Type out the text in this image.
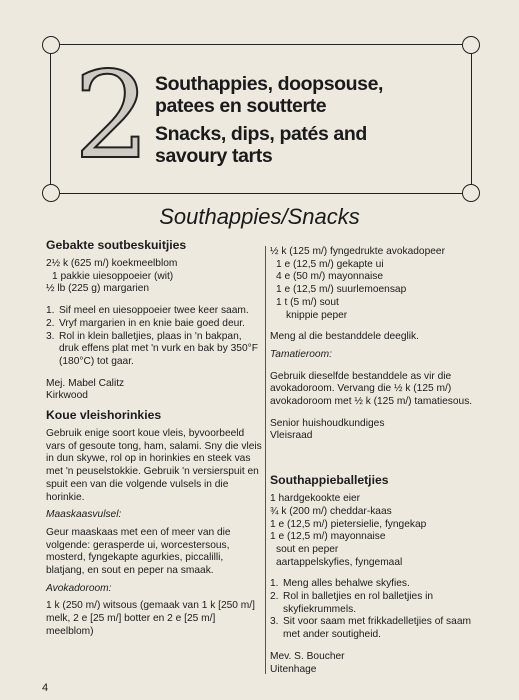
2 Southappies, doopsouse,
patees en soutterte
Snacks, dips, patés and
savoury tarts
Southappies/Snacks
Gebakte soutbeskuitjies
2½ k (625 m/) koekmeelblom
1 pakkie uiesoppoeier (wit)
½ lb (225 g) margarien
1. Sif meel en uiesoppoeier twee keer saam.
2. Vryf margarien in en knie baie goed deur.
3. Rol in klein balletjies, plaas in 'n bakpan, druk effens plat met 'n vurk en bak by 350°F (180°C) tot gaar.
Mej. Mabel Calitz
Kirkwood
Koue vleishorinkies
Gebruik enige soort koue vleis, byvoorbeeld vars of gesoute tong, ham, salami. Sny die vleis in dun skywe, rol op in horinkies en steek vas met 'n peuselstokkie. Gebruik 'n versierspuit en spuit een van die volgende vulsels in die horinkie.
Maaskaasvulsel:
Geur maaskaas met een of meer van die volgende: gerasperde ui, worcestersous, mosterd, fyngekapte agurkies, piccalilli, blatjang, en sout en peper na smaak.
Avokadoroom:
1 k (250 m/) witsous (gemaak van 1 k [250 m/] melk, 2 e [25 m/] botter en 2 e [25 m/] meelblom)
½ k (125 m/) fyngedrukte avokadopeer
1 e (12,5 m/) gekapte ui
4 e (50 m/) mayonnaise
1 e (12,5 m/) suurlemoensap
1 t (5 m/) sout
knippie peper
Meng al die bestanddele deeglik.
Tamatieroom:
Gebruik dieselfde bestanddele as vir die avokadoroom. Vervang die ½ k (125 m/) avokadoroom met ½ k (125 m/) tamatiesous.
Senior huishoudkundiges
Vleisraad
Southappieballetjies
1 hardgekookte eier
¾ k (200 m/) cheddar-kaas
1 e (12,5 m/) pietersielie, fyngekap
1 e (12,5 m/) mayonnaise
sout en peper
aartappelskyfies, fyngemaal
1. Meng alles behalwe skyfies.
2. Rol in balletjies en rol balletjies in skyfiekrummels.
3. Sit voor saam met frikkadelletjies of saam met ander soutigheid.
Mev. S. Boucher
Uitenhage
4
